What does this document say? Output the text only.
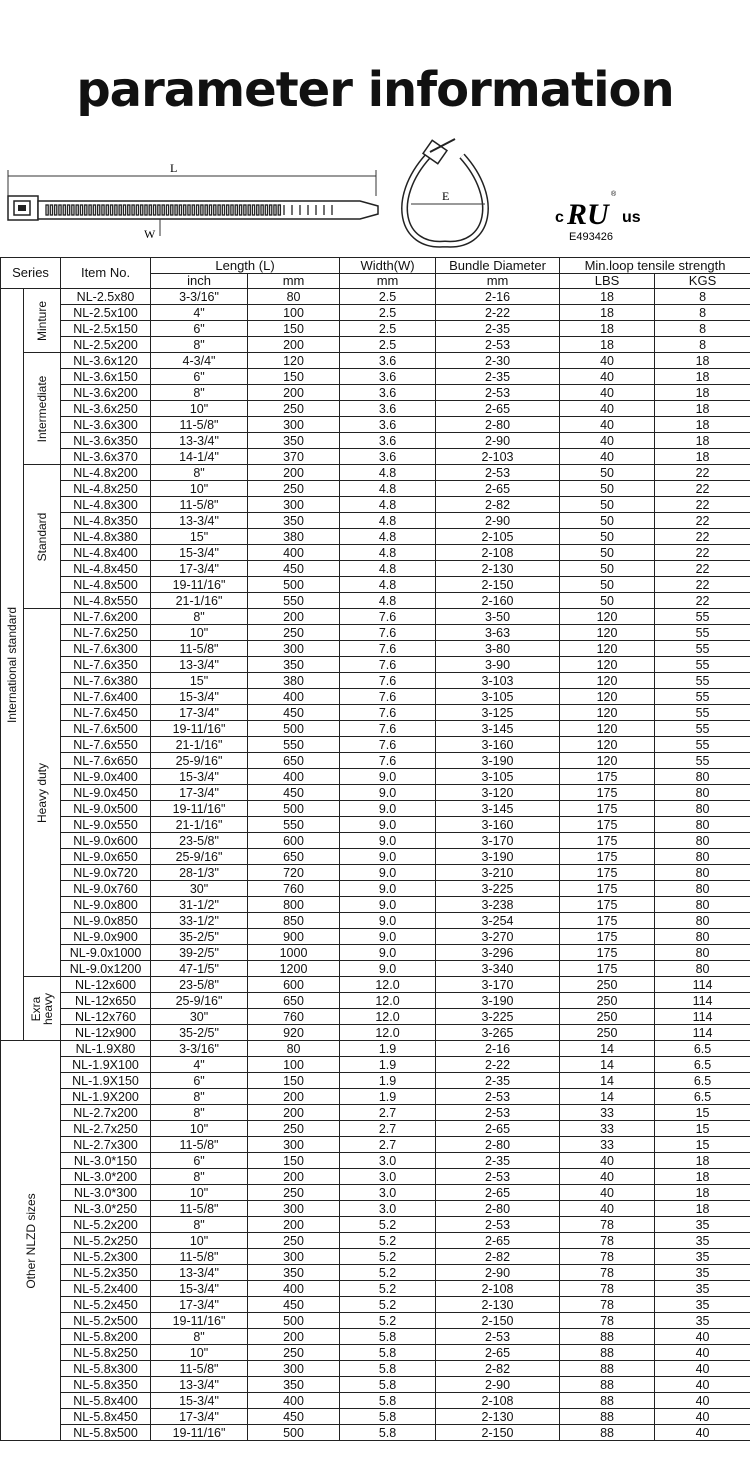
parameter information
L
W
E
c RU us
®
E493426
Series		Item No.	Length (L)		Width(W)	Bundle Diameter	Min.loop tensile strength	
			inch	mm	mm	mm	LBS	KGS

International standard	Minture	NL-2.5x80	3-3/16"	80	2.5	2-16	18	8
		NL-2.5x100	4"	100	2.5	2-22	18	8
		NL-2.5x150	6"	150	2.5	2-35	18	8
		NL-2.5x200	8"	200	2.5	2-53	18	8

	Intermediate	NL-3.6x120	4-3/4"	120	3.6	2-30	40	18
		NL-3.6x150	6"	150	3.6	2-35	40	18
		NL-3.6x200	8"	200	3.6	2-53	40	18
		NL-3.6x250	10"	250	3.6	2-65	40	18
		NL-3.6x300	11-5/8"	300	3.6	2-80	40	18
		NL-3.6x350	13-3/4"	350	3.6	2-90	40	18
		NL-3.6x370	14-1/4"	370	3.6	2-103	40	18

	Standard	NL-4.8x200	8"	200	4.8	2-53	50	22
		NL-4.8x250	10"	250	4.8	2-65	50	22
		NL-4.8x300	11-5/8"	300	4.8	2-82	50	22
		NL-4.8x350	13-3/4"	350	4.8	2-90	50	22
		NL-4.8x380	15"	380	4.8	2-105	50	22
		NL-4.8x400	15-3/4"	400	4.8	2-108	50	22
		NL-4.8x450	17-3/4"	450	4.8	2-130	50	22
		NL-4.8x500	19-11/16"	500	4.8	2-150	50	22
		NL-4.8x550	21-1/16"	550	4.8	2-160	50	22

	Heavy duty	NL-7.6x200	8"	200	7.6	3-50	120	55
		NL-7.6x250	10"	250	7.6	3-63	120	55
		NL-7.6x300	11-5/8"	300	7.6	3-80	120	55
		NL-7.6x350	13-3/4"	350	7.6	3-90	120	55
		NL-7.6x380	15"	380	7.6	3-103	120	55
		NL-7.6x400	15-3/4"	400	7.6	3-105	120	55
		NL-7.6x450	17-3/4"	450	7.6	3-125	120	55
		NL-7.6x500	19-11/16"	500	7.6	3-145	120	55
		NL-7.6x550	21-1/16"	550	7.6	3-160	120	55
		NL-7.6x650	25-9/16"	650	7.6	3-190	120	55
		NL-9.0x400	15-3/4"	400	9.0	3-105	175	80
		NL-9.0x450	17-3/4"	450	9.0	3-120	175	80
		NL-9.0x500	19-11/16"	500	9.0	3-145	175	80
		NL-9.0x550	21-1/16"	550	9.0	3-160	175	80
		NL-9.0x600	23-5/8"	600	9.0	3-170	175	80
		NL-9.0x650	25-9/16"	650	9.0	3-190	175	80
		NL-9.0x720	28-1/3"	720	9.0	3-210	175	80
		NL-9.0x760	30"	760	9.0	3-225	175	80
		NL-9.0x800	31-1/2"	800	9.0	3-238	175	80
		NL-9.0x850	33-1/2"	850	9.0	3-254	175	80
		NL-9.0x900	35-2/5"	900	9.0	3-270	175	80
		NL-9.0x1000	39-2/5"	1000	9.0	3-296	175	80
		NL-9.0x1200	47-1/5"	1200	9.0	3-340	175	80

	Exra heavy	NL-12x600	23-5/8"	600	12.0	3-170	250	114
		NL-12x650	25-9/16"	650	12.0	3-190	250	114
		NL-12x760	30"	760	12.0	3-225	250	114
		NL-12x900	35-2/5"	920	12.0	3-265	250	114

Other NLZD sizes		NL-1.9X80	3-3/16"	80	1.9	2-16	14	6.5
		NL-1.9X100	4"	100	1.9	2-22	14	6.5
		NL-1.9X150	6"	150	1.9	2-35	14	6.5
		NL-1.9X200	8"	200	1.9	2-53	14	6.5
		NL-2.7x200	8"	200	2.7	2-53	33	15
		NL-2.7x250	10"	250	2.7	2-65	33	15
		NL-2.7x300	11-5/8"	300	2.7	2-80	33	15
		NL-3.0*150	6"	150	3.0	2-35	40	18
		NL-3.0*200	8"	200	3.0	2-53	40	18
		NL-3.0*300	10"	250	3.0	2-65	40	18
		NL-3.0*250	11-5/8"	300	3.0	2-80	40	18
		NL-5.2x200	8"	200	5.2	2-53	78	35
		NL-5.2x250	10"	250	5.2	2-65	78	35
		NL-5.2x300	11-5/8"	300	5.2	2-82	78	35
		NL-5.2x350	13-3/4"	350	5.2	2-90	78	35
		NL-5.2x400	15-3/4"	400	5.2	2-108	78	35
		NL-5.2x450	17-3/4"	450	5.2	2-130	78	35
		NL-5.2x500	19-11/16"	500	5.2	2-150	78	35
		NL-5.8x200	8"	200	5.8	2-53	88	40
		NL-5.8x250	10"	250	5.8	2-65	88	40
		NL-5.8x300	11-5/8"	300	5.8	2-82	88	40
		NL-5.8x350	13-3/4"	350	5.8	2-90	88	40
		NL-5.8x400	15-3/4"	400	5.8	2-108	88	40
		NL-5.8x450	17-3/4"	450	5.8	2-130	88	40
		NL-5.8x500	19-11/16"	500	5.8	2-150	88	40
